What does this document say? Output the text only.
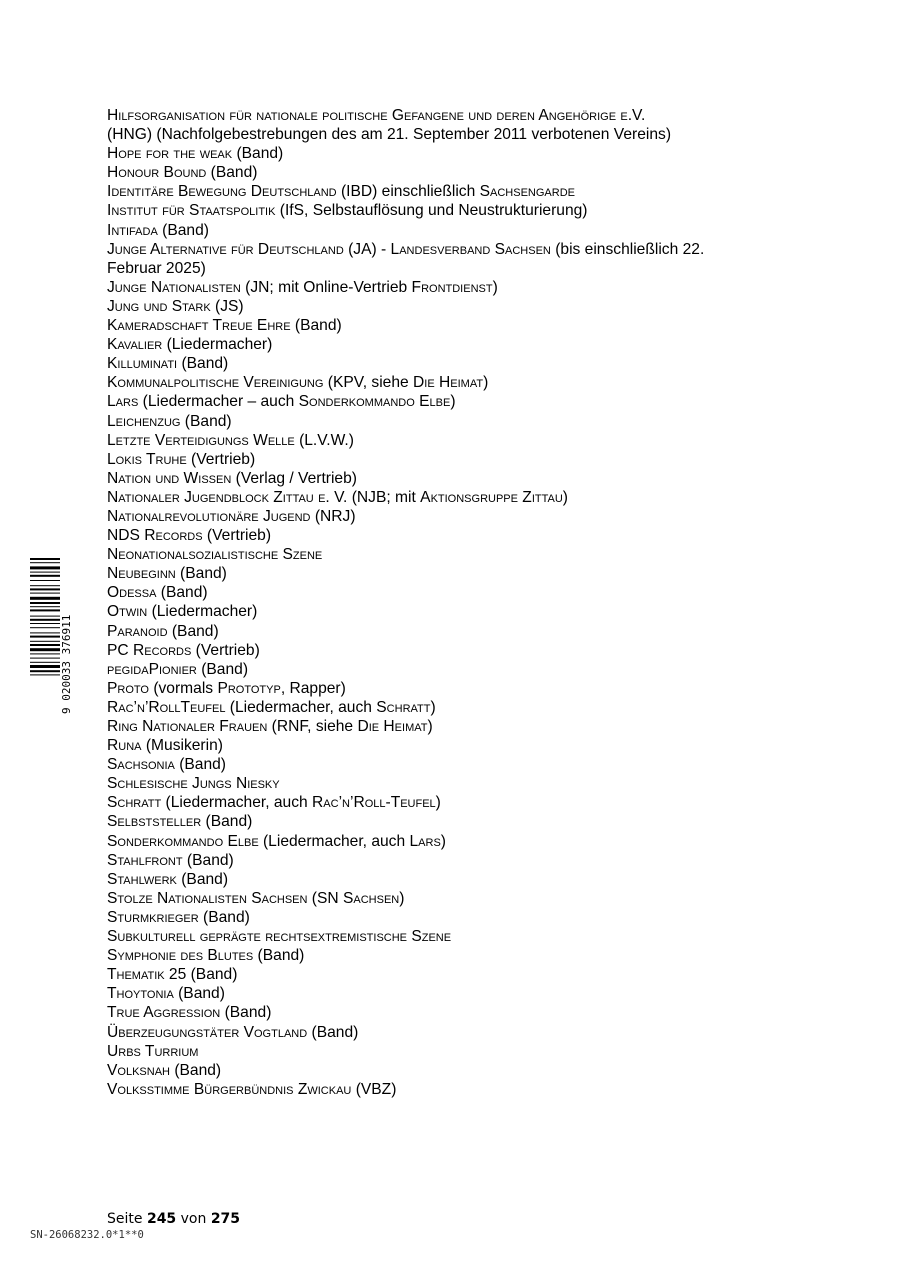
Hilfsorganisation für nationale politische Gefangene und deren Angehörige e.V.
(HNG) (Nachfolgebestrebungen des am 21. September 2011 verbotenen Vereins)
Hope for the weak (Band)
Honour Bound (Band)
Identitäre Bewegung Deutschland (IBD) einschließlich Sachsengarde
Institut für Staatspolitik (IfS, Selbstauflösung und Neustrukturierung)
Intifada (Band)
Junge Alternative für Deutschland (JA) - Landesverband Sachsen (bis einschließlich 22.
Februar 2025)
Junge Nationalisten (JN; mit Online-Vertrieb Frontdienst)
Jung und Stark (JS)
Kameradschaft Treue Ehre (Band)
Kavalier (Liedermacher)
Killuminati (Band)
Kommunalpolitische Vereinigung (KPV, siehe Die Heimat)
Lars (Liedermacher – auch Sonderkommando Elbe)
Leichenzug (Band)
Letzte Verteidigungs Welle (L.V.W.)
Lokis Truhe (Vertrieb)
Nation und Wissen (Verlag / Vertrieb)
Nationaler Jugendblock Zittau e. V. (NJB; mit Aktionsgruppe Zittau)
Nationalrevolutionäre Jugend (NRJ)
NDS Records (Vertrieb)
Neonationalsozialistische Szene
Neubeginn (Band)
Odessa (Band)
Otwin (Liedermacher)
Paranoid (Band)
PC Records (Vertrieb)
pegidaPionier (Band)
Proto (vormals Prototyp, Rapper)
Rac’n’RollTeufel (Liedermacher, auch Schratt)
Ring Nationaler Frauen (RNF, siehe Die Heimat)
Runa (Musikerin)
Sachsonia (Band)
Schlesische Jungs Niesky
Schratt (Liedermacher, auch Rac’n’Roll-Teufel)
Selbststeller (Band)
Sonderkommando Elbe (Liedermacher, auch Lars)
Stahlfront (Band)
Stahlwerk (Band)
Stolze Nationalisten Sachsen (SN Sachsen)
Sturmkrieger (Band)
Subkulturell geprägte rechtsextremistische Szene
Symphonie des Blutes (Band)
Thematik 25 (Band)
Thoytonia (Band)
True Aggression (Band)
Überzeugungstäter Vogtland (Band)
Urbs Turrium
Volksnah (Band)
Volksstimme Bürgerbündnis Zwickau (VBZ)
9 020033 376911
Seite 245 von 275
SN-26068232.0*1**0
